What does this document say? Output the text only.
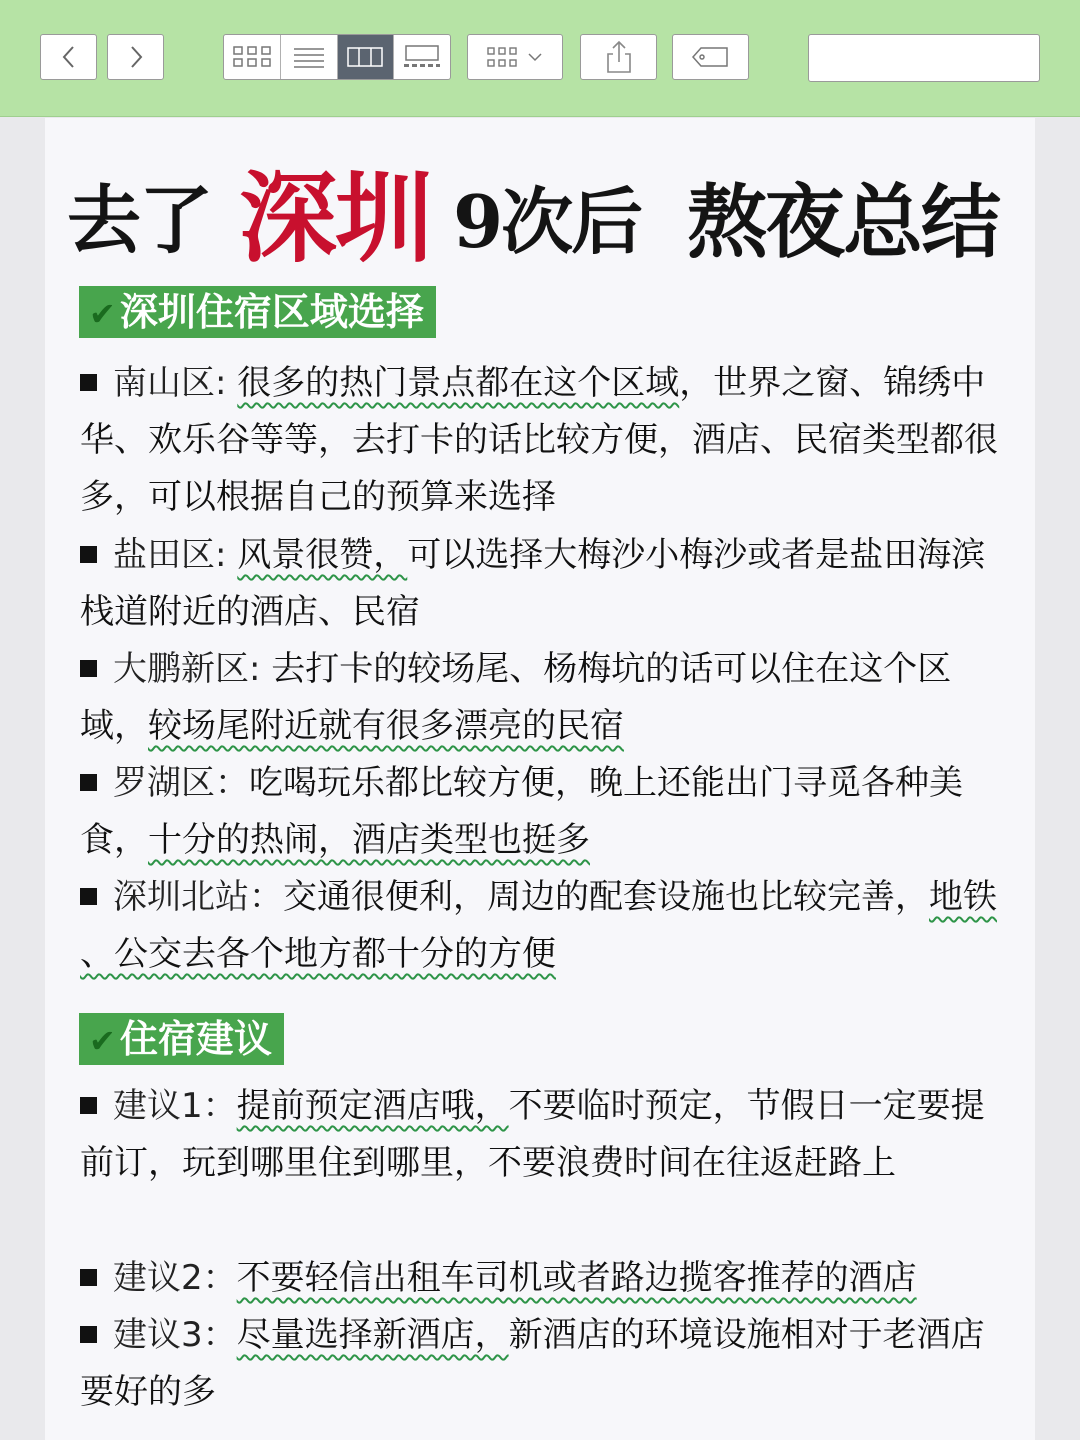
去了 深圳 9次后 熬夜总结
✔ 深圳住宿区域选择
南山区: 很多的热门景点都在这个区域，世界之窗、锦绣中华、欢乐谷等等，去打卡的话比较方便，酒店、民宿类型都很多，可以根据自己的预算来选择
盐田区: 风景很赞，可以选择大梅沙小梅沙或者是盐田海滨栈道附近的酒店、民宿
大鹏新区: 去打卡的较场尾、杨梅坑的话可以住在这个区域，较场尾附近就有很多漂亮的民宿
罗湖区：吃喝玩乐都比较方便，晚上还能出门寻觅各种美食，十分的热闹，酒店类型也挺多
深圳北站：交通很便利，周边的配套设施也比较完善，地铁 、公交去各个地方都十分的方便
✔ 住宿建议
建议1：提前预定酒店哦，不要临时预定，节假日一定要提前订，玩到哪里住到哪里，不要浪费时间在往返赶路上
建议2：不要轻信出租车司机或者路边揽客推荐的酒店
建议3：尽量选择新酒店，新酒店的环境设施相对于老酒店要好的多
